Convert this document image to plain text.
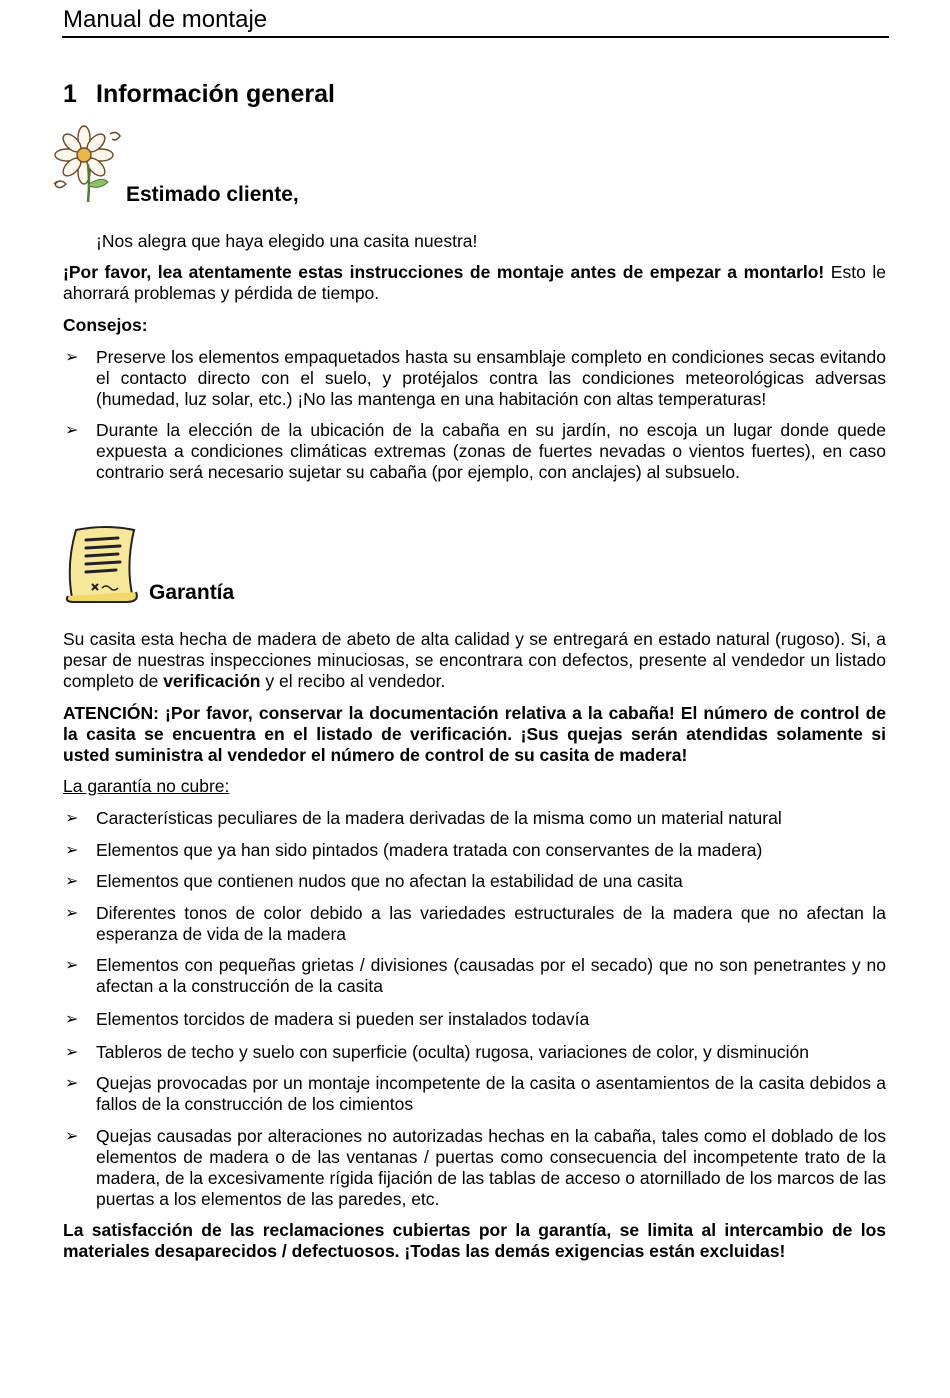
Manual de montaje
1 Información general
Estimado cliente,
¡Nos alegra que haya elegido una casita nuestra!
¡Por favor, lea atentamente estas instrucciones de montaje antes de empezar a montarlo! Esto le ahorrará problemas y pérdida de tiempo.
Consejos:
➢ Preserve los elementos empaquetados hasta su ensamblaje completo en condiciones secas evitando el contacto directo con el suelo, y protéjalos contra las condiciones meteorológicas adversas (humedad, luz solar, etc.) ¡No las mantenga en una habitación con altas temperaturas!
➢ Durante la elección de la ubicación de la cabaña en su jardín, no escoja un lugar donde quede expuesta a condiciones climáticas extremas (zonas de fuertes nevadas o vientos fuertes), en caso contrario será necesario sujetar su cabaña (por ejemplo, con anclajes) al subsuelo.
Garantía
Su casita esta hecha de madera de abeto de alta calidad y se entregará en estado natural (rugoso). Si, a pesar de nuestras inspecciones minuciosas, se encontrara con defectos, presente al vendedor un listado completo de verificación y el recibo al vendedor.
ATENCIÓN: ¡Por favor, conservar la documentación relativa a la cabaña! El número de control de la casita se encuentra en el listado de verificación. ¡Sus quejas serán atendidas solamente si usted suministra al vendedor el número de control de su casita de madera!
La garantía no cubre:
➢ Características peculiares de la madera derivadas de la misma como un material natural
➢ Elementos que ya han sido pintados (madera tratada con conservantes de la madera)
➢ Elementos que contienen nudos que no afectan la estabilidad de una casita
➢ Diferentes tonos de color debido a las variedades estructurales de la madera que no afectan la esperanza de vida de la madera
➢ Elementos con pequeñas grietas / divisiones (causadas por el secado) que no son penetrantes y no afectan a la construcción de la casita
➢ Elementos torcidos de madera si pueden ser instalados todavía
➢ Tableros de techo y suelo con superficie (oculta) rugosa, variaciones de color, y disminución
➢ Quejas provocadas por un montaje incompetente de la casita o asentamientos de la casita debidos a fallos de la construcción de los cimientos
➢ Quejas causadas por alteraciones no autorizadas hechas en la cabaña, tales como el doblado de los elementos de madera o de las ventanas / puertas como consecuencia del incompetente trato de la madera, de la excesivamente rígida fijación de las tablas de acceso o atornillado de los marcos de las puertas a los elementos de las paredes, etc.
La satisfacción de las reclamaciones cubiertas por la garantía, se limita al intercambio de los materiales desaparecidos / defectuosos. ¡Todas las demás exigencias están excluidas!
